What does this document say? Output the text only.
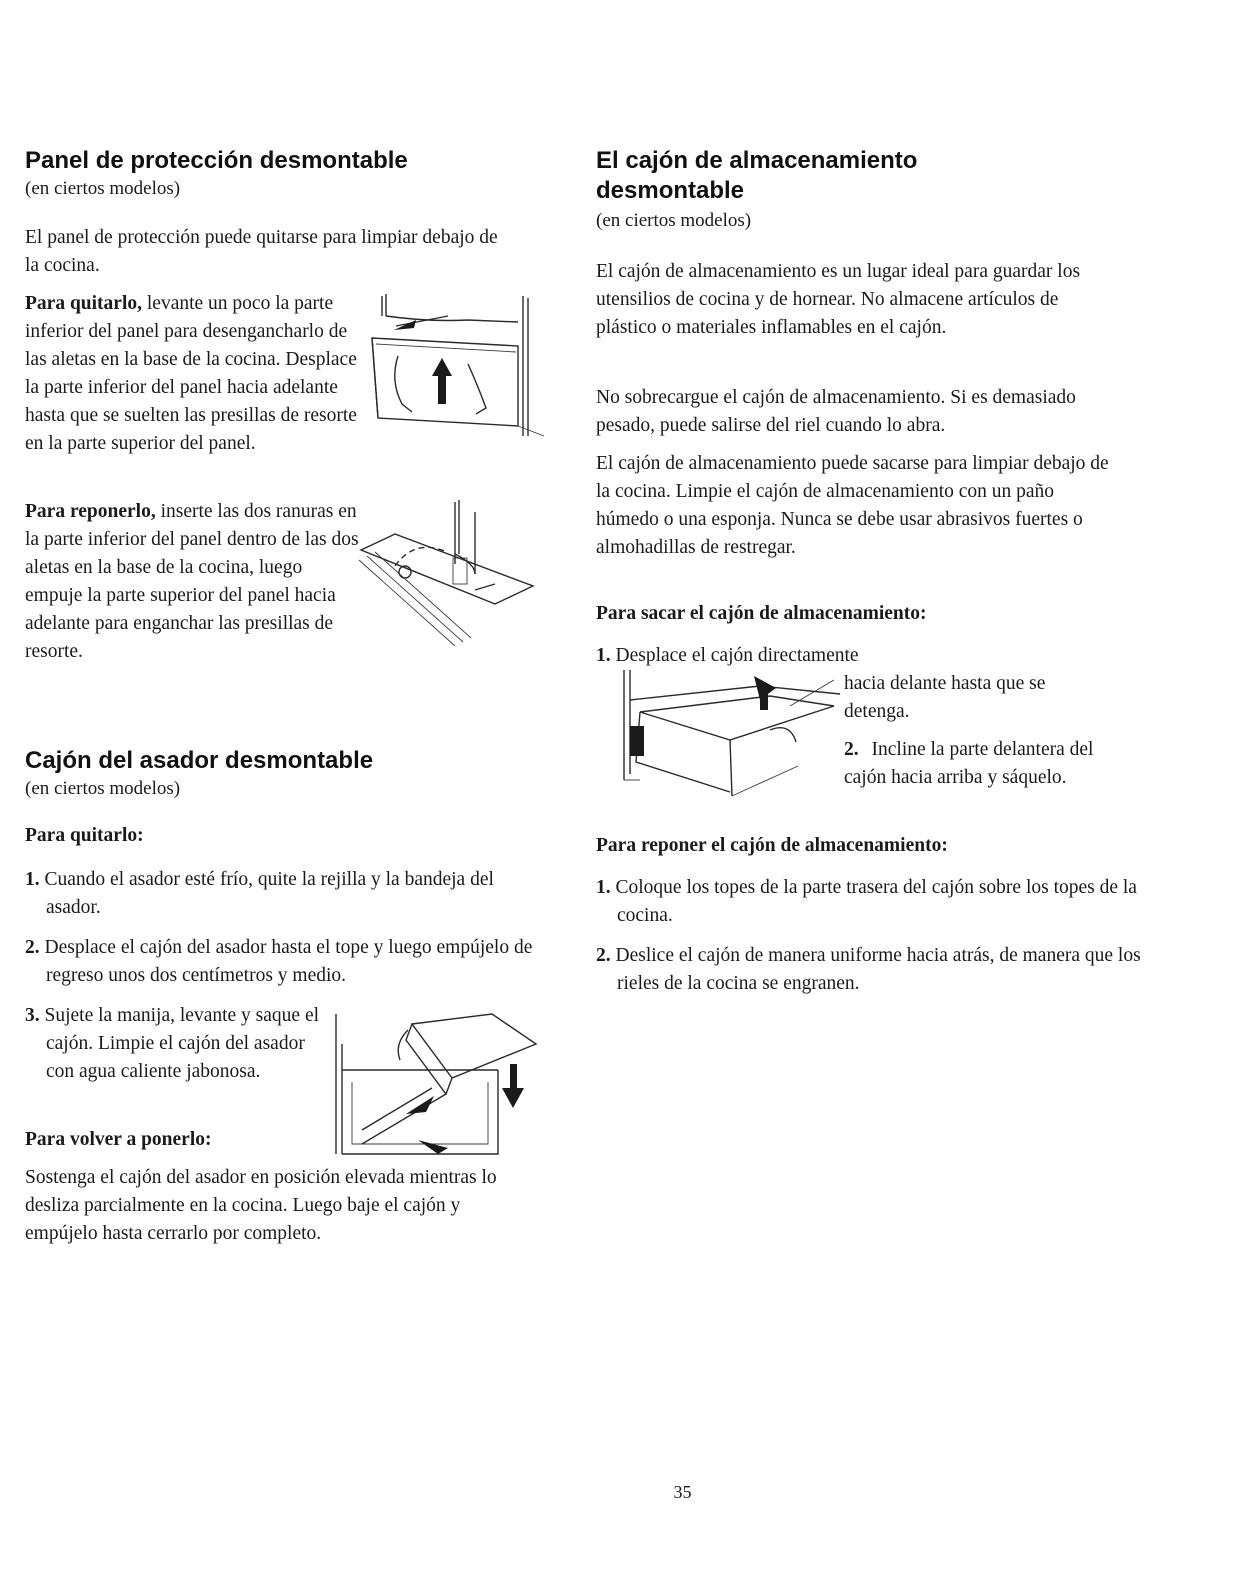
Panel de protección desmontable
(en ciertos modelos)

El panel de protección puede quitarse para limpiar debajo de la cocina.

Para quitarlo, levante un poco la parte inferior del panel para desengancharlo de las aletas en la base de la cocina. Desplace la parte inferior del panel hacia adelante hasta que se suelten las presillas de resorte en la parte superior del panel.

Para reponerlo, inserte las dos ranuras en la parte inferior del panel dentro de las dos aletas en la base de la cocina, luego empuje la parte superior del panel hacia adelante para enganchar las presillas de resorte.

Cajón del asador desmontable
(en ciertos modelos)

Para quitarlo:

1. Cuando el asador esté frío, quite la rejilla y la bandeja del asador.
2. Desplace el cajón del asador hasta el tope y luego empújelo de regreso unos dos centímetros y medio.
3. Sujete la manija, levante y saque el cajón. Limpie el cajón del asador con agua caliente jabonosa.

Para volver a ponerlo:

Sostenga el cajón del asador en posición elevada mientras lo desliza parcialmente en la cocina. Luego baje el cajón y empújelo hasta cerrarlo por completo.

El cajón de almacenamiento
desmontable
(en ciertos modelos)

El cajón de almacenamiento es un lugar ideal para guardar los utensilios de cocina y de hornear. No almacene artículos de plástico o materiales inflamables en el cajón.

No sobrecargue el cajón de almacenamiento. Si es demasiado pesado, puede salirse del riel cuando lo abra.

El cajón de almacenamiento puede sacarse para limpiar debajo de la cocina. Limpie el cajón de almacenamiento con un paño húmedo o una esponja. Nunca se debe usar abrasivos fuertes o almohadillas de restregar.

Para sacar el cajón de almacenamiento:

1. Desplace el cajón directamente
hacia delante hasta que se detenga.
2. Incline la parte delantera del cajón hacia arriba y sáquelo.

Para reponer el cajón de almacenamiento:

1. Coloque los topes de la parte trasera del cajón sobre los topes de la cocina.
2. Deslice el cajón de manera uniforme hacia atrás, de manera que los rieles de la cocina se engranen.
35
